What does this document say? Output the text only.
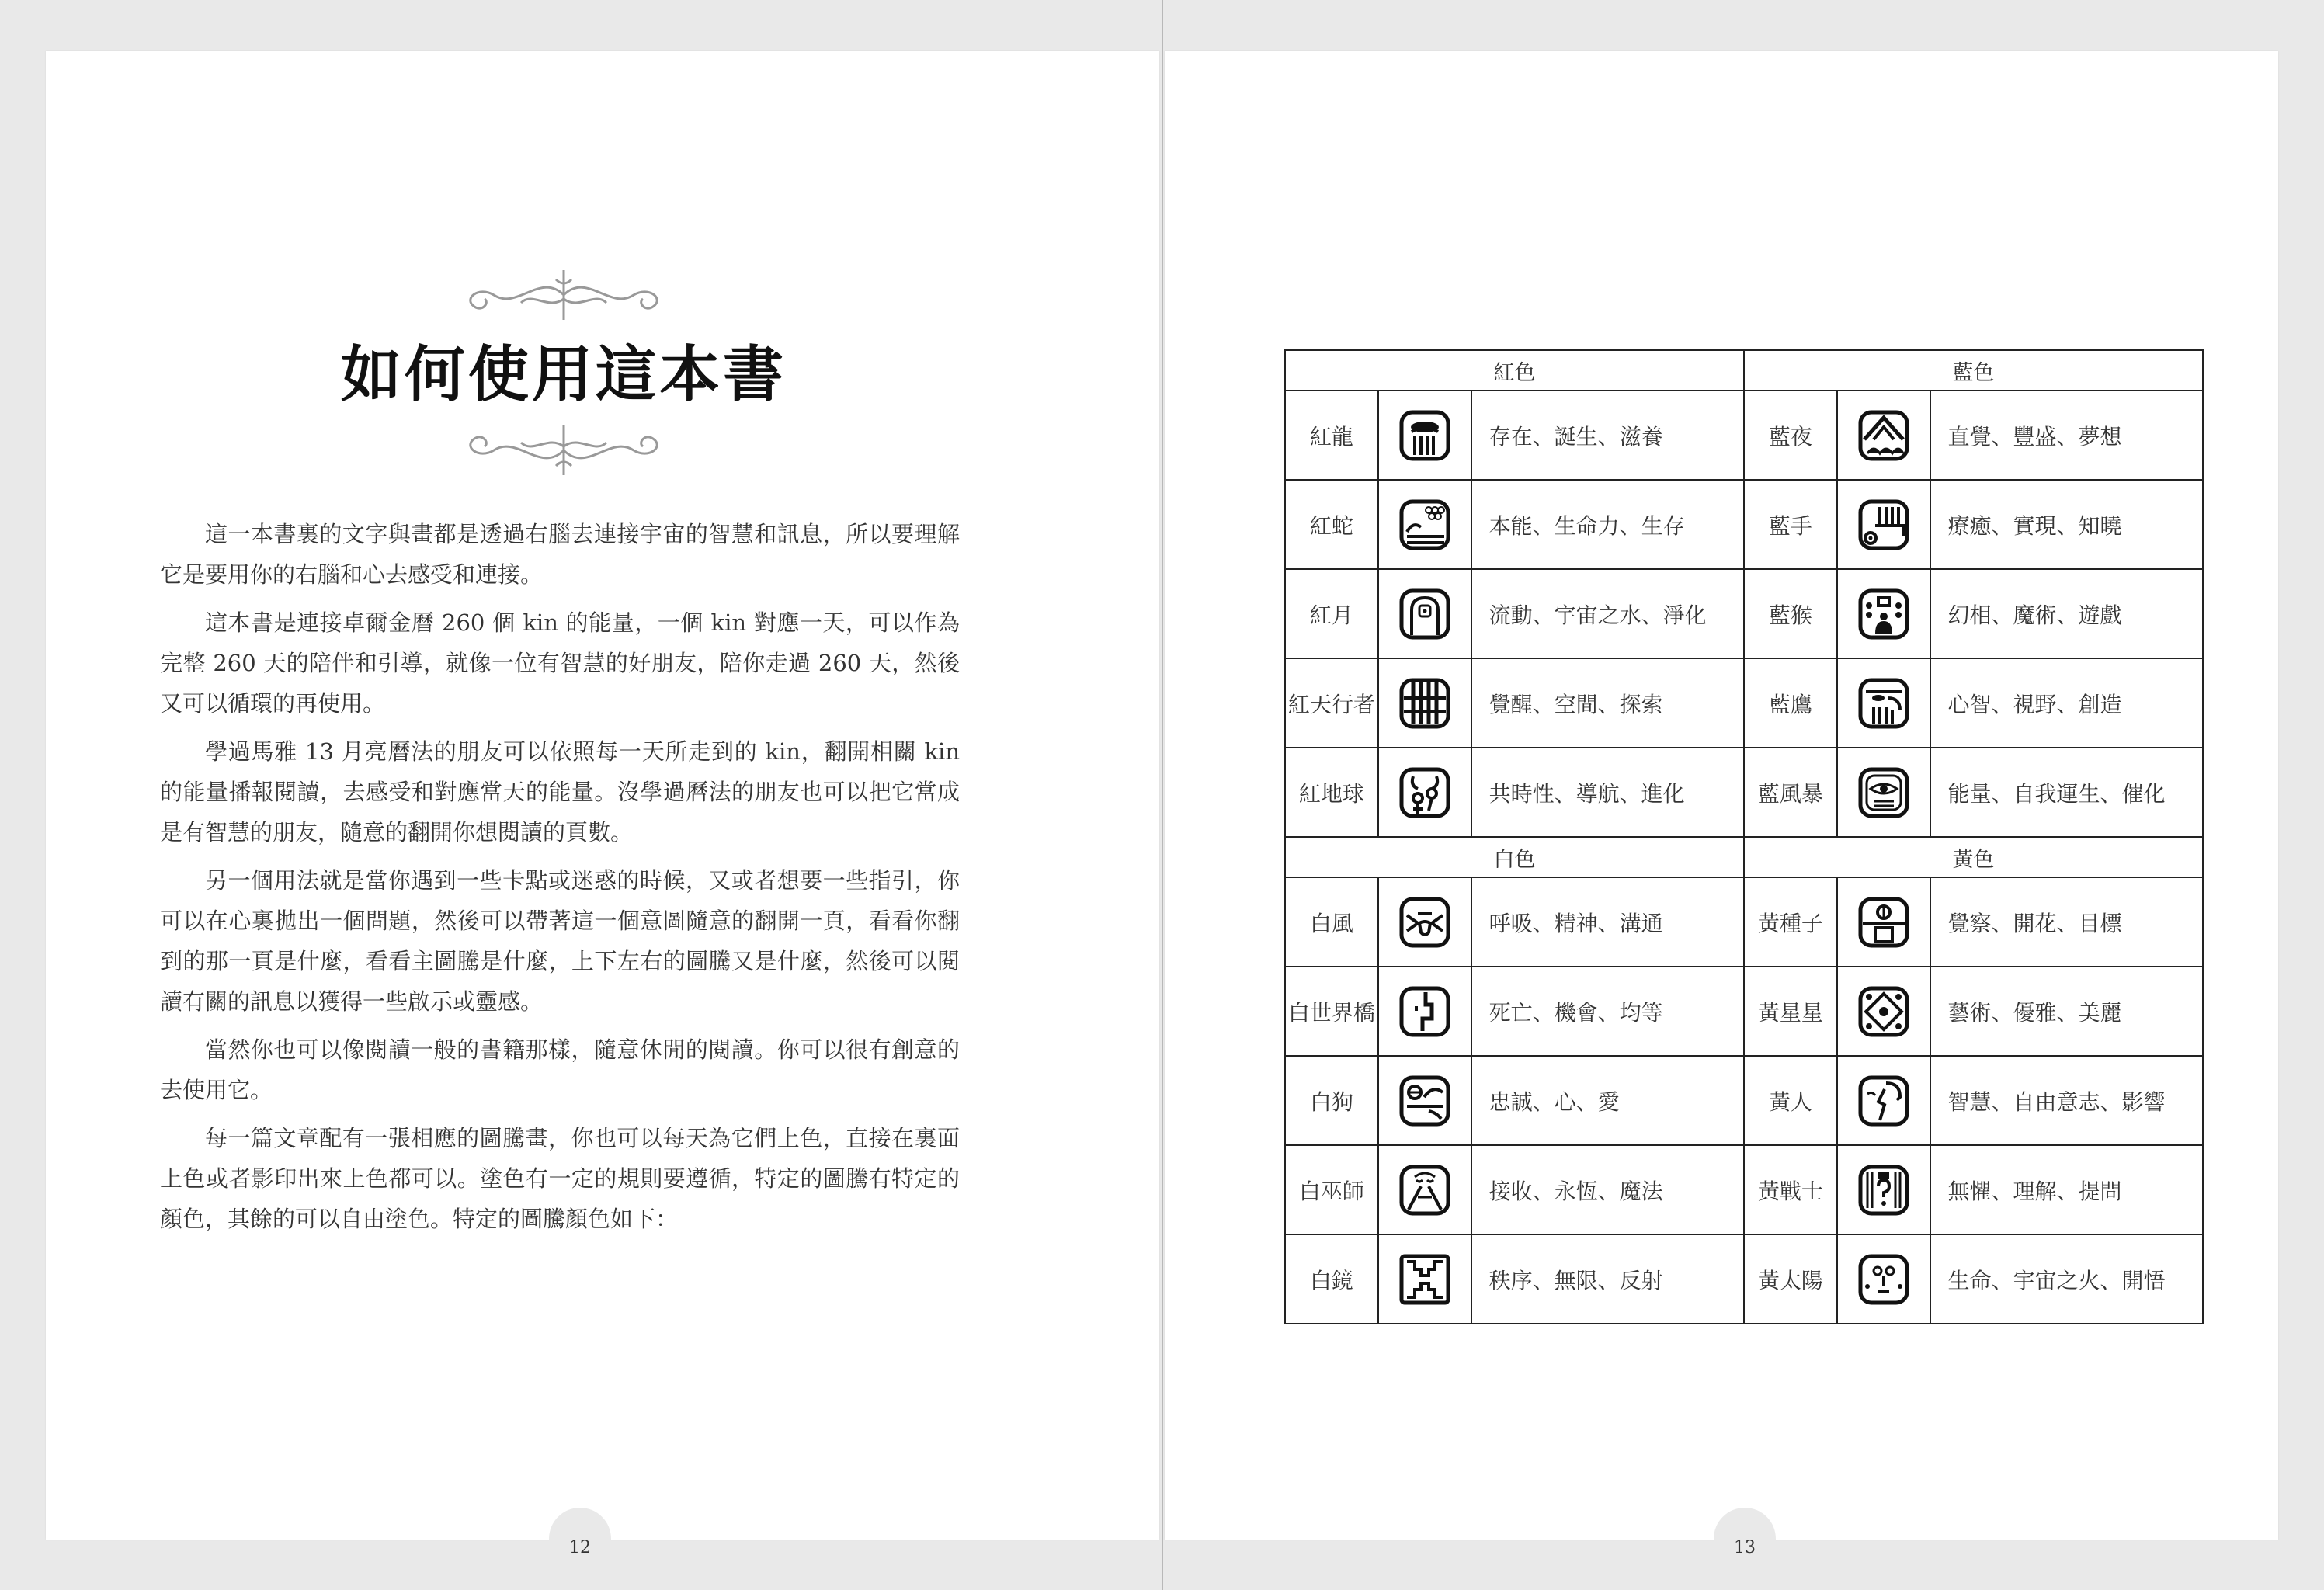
如何使用這本書

這一本書裏的文字與畫都是透過右腦去連接宇宙的智慧和訊息，所以要理解它是要用你的右腦和心去感受和連接。

這本書是連接卓爾金曆 260 個 kin 的能量，一個 kin 對應一天，可以作為完整 260 天的陪伴和引導，就像一位有智慧的好朋友，陪你走過 260 天，然後又可以循環的再使用。

學過馬雅 13 月亮曆法的朋友可以依照每一天所走到的 kin，翻開相關 kin 的能量播報閱讀，去感受和對應當天的能量。沒學過曆法的朋友也可以把它當成是有智慧的朋友，隨意的翻開你想閱讀的頁數。

另一個用法就是當你遇到一些卡點或迷惑的時候，又或者想要一些指引，你可以在心裏拋出一個問題，然後可以帶著這一個意圖隨意的翻開一頁，看看你翻到的那一頁是什麼，看看主圖騰是什麼，上下左右的圖騰又是什麼，然後可以閱讀有關的訊息以獲得一些啟示或靈感。

當然你也可以像閱讀一般的書籍那樣，隨意休閒的閱讀。你可以很有創意的去使用它。

每一篇文章配有一張相應的圖騰畫，你也可以每天為它們上色，直接在裏面上色或者影印出來上色都可以。塗色有一定的規則要遵循，特定的圖騰有特定的顏色，其餘的可以自由塗色。特定的圖騰顏色如下：

12
紅色			藍色		
紅龍		存在、誕生、滋養	藍夜		直覺、豐盛、夢想
紅蛇		本能、生命力、生存	藍手		療癒、實現、知曉
紅月		流動、宇宙之水、淨化	藍猴		幻相、魔術、遊戲
紅天行者		覺醒、空間、探索	藍鷹		心智、視野、創造
紅地球		共時性、導航、進化	藍風暴		能量、自我運生、催化
白色			黃色		
白風		呼吸、精神、溝通	黃種子		覺察、開花、目標
白世界橋		死亡、機會、均等	黃星星		藝術、優雅、美麗
白狗		忠誠、心、愛	黃人		智慧、自由意志、影響
白巫師		接收、永恆、魔法	黃戰士		無懼、理解、提問
白鏡		秩序、無限、反射	黃太陽		生命、宇宙之火、開悟
13
